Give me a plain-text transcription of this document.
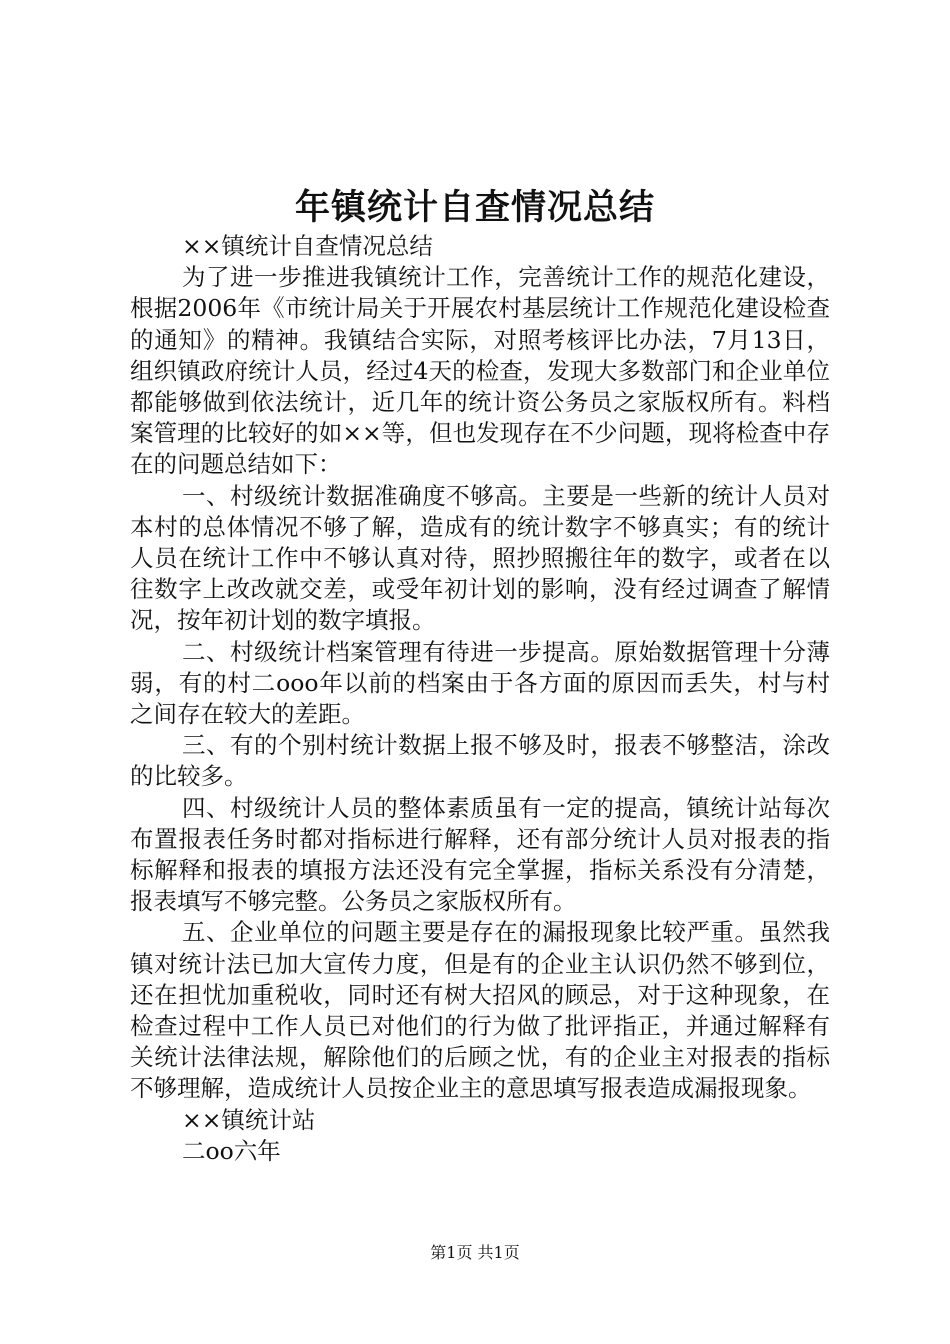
年镇统计自查情况总结

××镇统计自查情况总结

为了进一步推进我镇统计工作，完善统计工作的规范化建设，根据2006年《市统计局关于开展农村基层统计工作规范化建设检查的通知》的精神。我镇结合实际，对照考核评比办法，7月13日，组织镇政府统计人员，经过4天的检查，发现大多数部门和企业单位都能够做到依法统计，近几年的统计资公务员之家版权所有。料档案管理的比较好的如××等，但也发现存在不少问题，现将检查中存在的问题总结如下：

一、村级统计数据准确度不够高。主要是一些新的统计人员对本村的总体情况不够了解，造成有的统计数字不够真实；有的统计人员在统计工作中不够认真对待，照抄照搬往年的数字，或者在以往数字上改改就交差，或受年初计划的影响，没有经过调查了解情况，按年初计划的数字填报。

二、村级统计档案管理有待进一步提高。原始数据管理十分薄弱，有的村二ooo年以前的档案由于各方面的原因而丢失，村与村之间存在较大的差距。

三、有的个别村统计数据上报不够及时，报表不够整洁，涂改的比较多。

四、村级统计人员的整体素质虽有一定的提高，镇统计站每次布置报表任务时都对指标进行解释，还有部分统计人员对报表的指标解释和报表的填报方法还没有完全掌握，指标关系没有分清楚，报表填写不够完整。公务员之家版权所有。

五、企业单位的问题主要是存在的漏报现象比较严重。虽然我镇对统计法已加大宣传力度，但是有的企业主认识仍然不够到位，还在担忧加重税收，同时还有树大招风的顾忌，对于这种现象，在检查过程中工作人员已对他们的行为做了批评指正，并通过解释有关统计法律法规，解除他们的后顾之忧，有的企业主对报表的指标不够理解，造成统计人员按企业主的意思填写报表造成漏报现象。

××镇统计站

二oo六年

第1页 共1页
